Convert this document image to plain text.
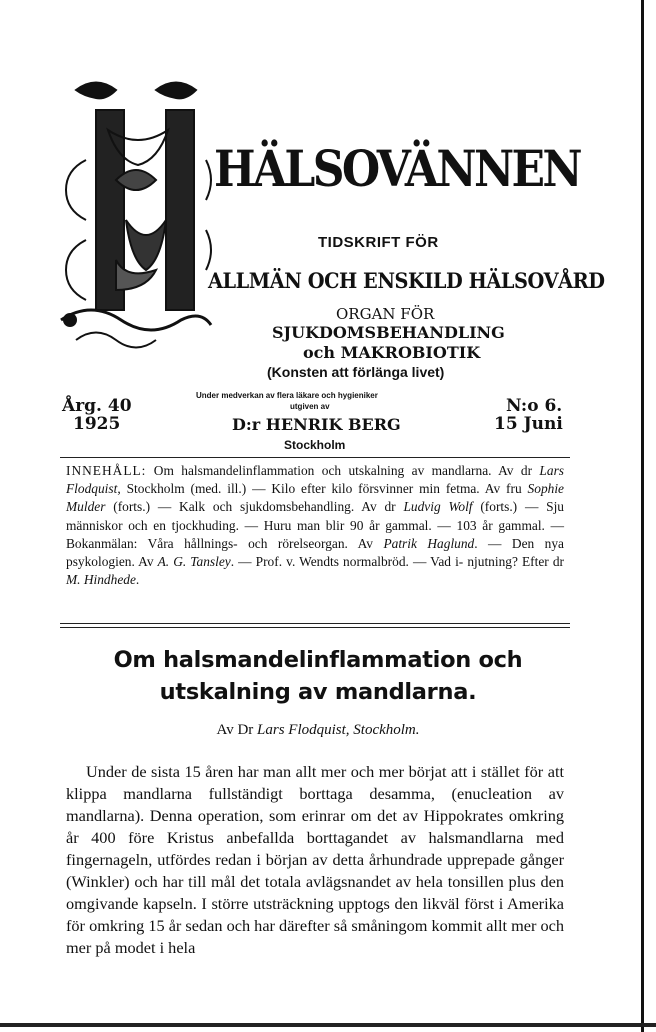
HÄLSOVÄNNEN
TIDSKRIFT FÖR
ALLMÄN OCH ENSKILD HÄLSOVÅRD
ORGAN FÖR
SJUKDOMSBEHANDLING
och MAKROBIOTIK
(Konsten att förlänga livet)
Årg. 40
1925
Under medverkan av flera läkare och hygieniker
utgiven av
D:r HENRIK BERG
Stockholm
N:o 6.
15 Juni
INNEHÅLL: Om halsmandelinflammation och utskalning av mandlarna. Av dr Lars Flodquist, Stockholm (med. ill.) — Kilo efter kilo försvinner min fetma. Av fru Sophie Mulder (forts.) — Kalk och sjukdomsbehandling. Av dr Ludvig Wolf (forts.) — Sju människor och en tjockhuding. — Huru man blir 90 år gammal. — 103 år gammal. — Bokanmälan: Våra hållnings- och rörelseorgan. Av Patrik Haglund. — Den nya psykologien. Av A. G. Tansley. — Prof. v. Wendts normalbröd. — Vad i- njutning? Efter dr M. Hindhede.
Om halsmandelinflammation och utskalning av mandlarna.
Av Dr Lars Flodquist, Stockholm.

Under de sista 15 åren har man allt mer och mer börjat att i stället för att klippa mandlarna fullständigt borttaga desamma, (enucleation av mandlarna). Denna operation, som erinrar om det av Hippokrates omkring år 400 före Kristus anbefallda borttagandet av halsmandlarna med fingernageln, utfördes redan i början av detta århundrade upprepade gånger (Winkler) och har till mål det totala avlägsnandet av hela tonsillen plus den omgivande kapseln. I större utsträckning upptogs den likväl först i Amerika för omkring 15 år sedan och har därefter så småningom kommit allt mer och mer på modet i hela
